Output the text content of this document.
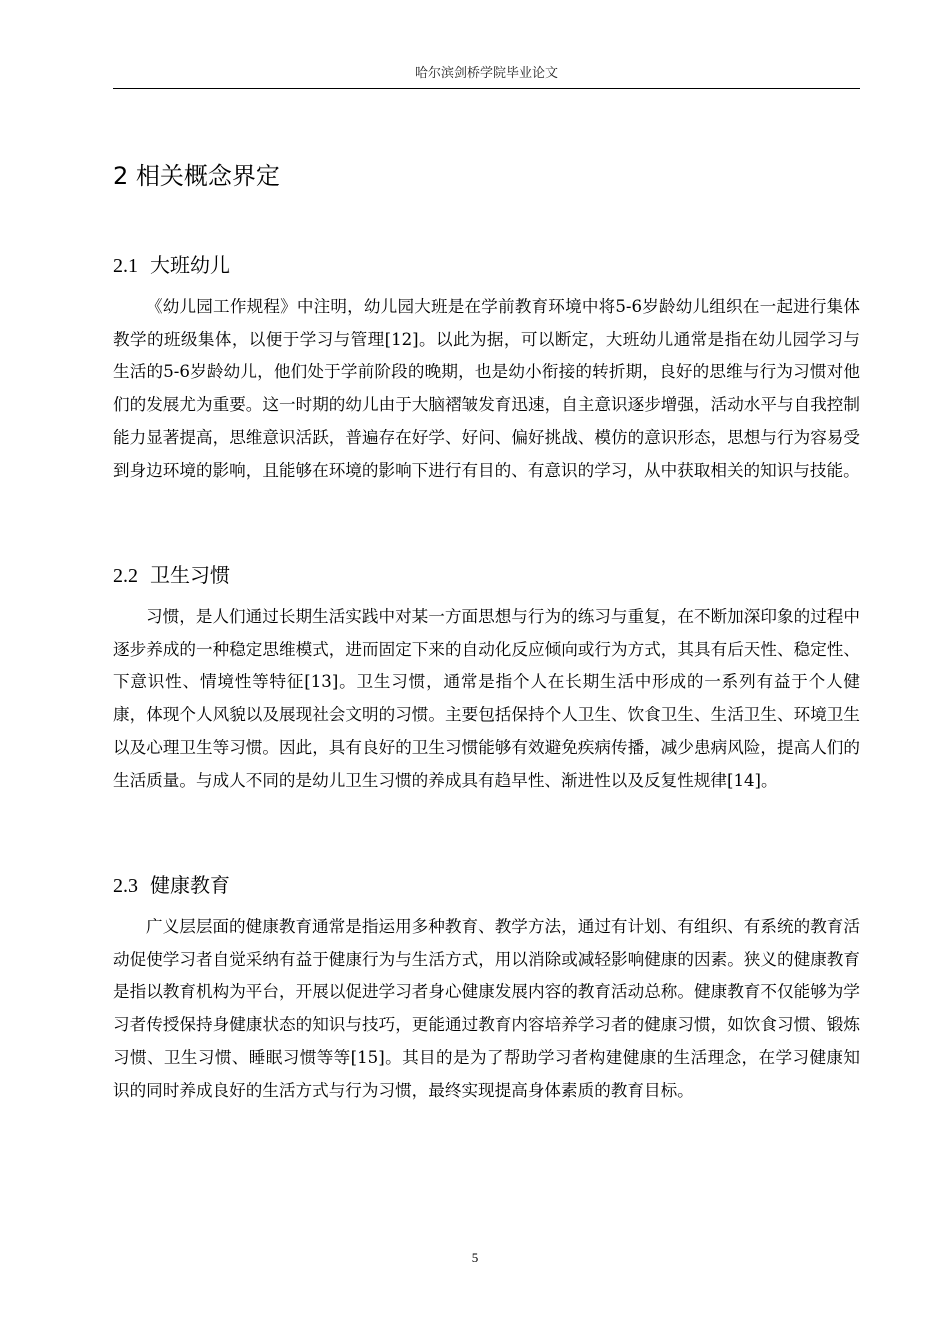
哈尔滨剑桥学院毕业论文
2 相关概念界定
2.1 大班幼儿

《幼儿园工作规程》中注明，幼儿园大班是在学前教育环境中将5-6岁龄幼儿组织在一起进行集体教学的班级集体，以便于学习与管理[12]。以此为据，可以断定，大班幼儿通常是指在幼儿园学习与生活的5-6岁龄幼儿，他们处于学前阶段的晚期，也是幼小衔接的转折期，良好的思维与行为习惯对他们的发展尤为重要。这一时期的幼儿由于大脑褶皱发育迅速，自主意识逐步增强，活动水平与自我控制能力显著提高，思维意识活跃，普遍存在好学、好问、偏好挑战、模仿的意识形态，思想与行为容易受到身边环境的影响，且能够在环境的影响下进行有目的、有意识的学习，从中获取相关的知识与技能。

2.2 卫生习惯

习惯，是人们通过长期生活实践中对某一方面思想与行为的练习与重复，在不断加深印象的过程中逐步养成的一种稳定思维模式，进而固定下来的自动化反应倾向或行为方式，其具有后天性、稳定性、下意识性、情境性等特征[13]。卫生习惯，通常是指个人在长期生活中形成的一系列有益于个人健康，体现个人风貌以及展现社会文明的习惯。主要包括保持个人卫生、饮食卫生、生活卫生、环境卫生以及心理卫生等习惯。因此，具有良好的卫生习惯能够有效避免疾病传播，减少患病风险，提高人们的生活质量。与成人不同的是幼儿卫生习惯的养成具有趋早性、渐进性以及反复性规律[14]。

2.3 健康教育

广义层层面的健康教育通常是指运用多种教育、教学方法，通过有计划、有组织、有系统的教育活动促使学习者自觉采纳有益于健康行为与生活方式，用以消除或减轻影响健康的因素。狭义的健康教育是指以教育机构为平台，开展以促进学习者身心健康发展内容的教育活动总称。健康教育不仅能够为学习者传授保持身健康状态的知识与技巧，更能通过教育内容培养学习者的健康习惯，如饮食习惯、锻炼习惯、卫生习惯、睡眠习惯等等[15]。其目的是为了帮助学习者构建健康的生活理念，在学习健康知识的同时养成良好的生活方式与行为习惯，最终实现提高身体素质的教育目标。

5
